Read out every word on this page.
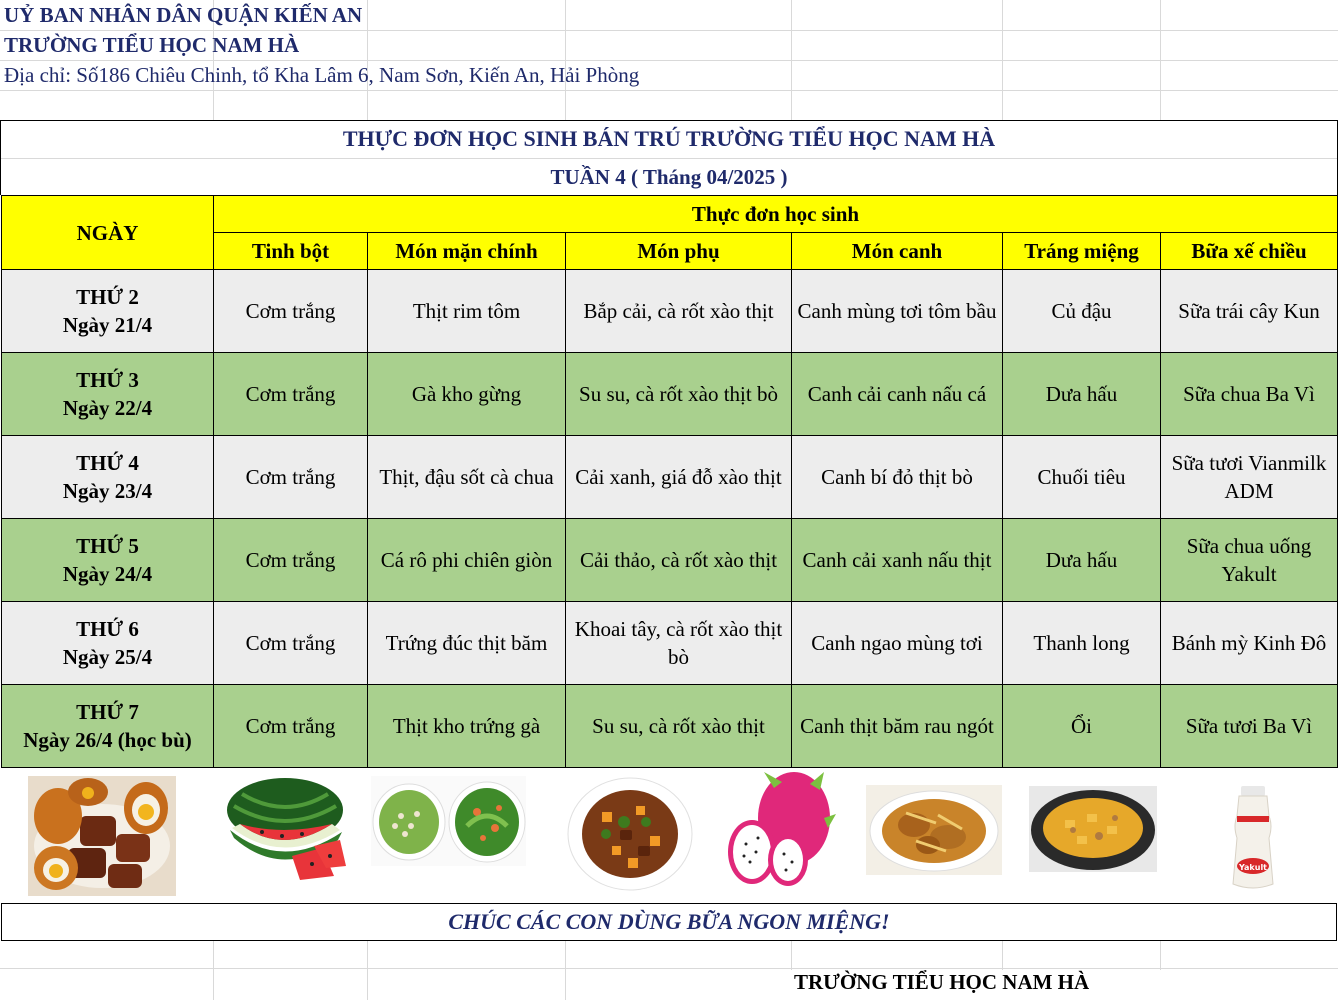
UỶ BAN NHÂN DÂN QUẬN KIẾN AN
TRƯỜNG TIỂU HỌC NAM HÀ
Địa chỉ: Số186 Chiêu Chinh, tổ Kha Lâm 6, Nam Sơn, Kiến An, Hải Phòng
THỰC ĐƠN HỌC SINH BÁN TRÚ TRƯỜNG TIỂU HỌC NAM HÀ
TUẦN 4 ( Tháng 04/2025 )
NGÀY	Thực đơn học sinh					
	Tinh bột	Món mặn chính	Món phụ	Món canh	Tráng miệng	Bữa xế chiều

THỨ 2
Ngày 21/4	Cơm trắng	Thịt rim tôm	Bắp cải, cà rốt xào thịt	Canh mùng tơi tôm bầu	Củ đậu	Sữa trái cây Kun

THỨ 3
Ngày 22/4	Cơm trắng	Gà kho gừng	Su su, cà rốt xào thịt bò	Canh cải canh nấu cá	Dưa hấu	Sữa chua Ba Vì

THỨ 4
Ngày 23/4	Cơm trắng	Thịt, đậu sốt cà chua	Cải xanh, giá đỗ xào thịt	Canh bí đỏ thịt bò	Chuối tiêu	Sữa tươi Vianmilk ADM

THỨ 5
Ngày 24/4	Cơm trắng	Cá rô phi chiên giòn	Cải thảo, cà rốt xào thịt	Canh cải xanh nấu thịt	Dưa hấu	Sữa chua uống Yakult

THỨ 6
Ngày 25/4	Cơm trắng	Trứng đúc thịt băm	Khoai tây, cà rốt xào thịt bò	Canh ngao mùng tơi	Thanh long	Bánh mỳ Kinh Đô

THỨ 7
Ngày 26/4 (học bù)	Cơm trắng	Thịt kho trứng gà	Su su, cà rốt xào thịt	Canh thịt băm rau ngót	Ổi	Sữa tươi Ba Vì
Yakult
CHÚC CÁC CON DÙNG BỮA NGON MIỆNG!
TRƯỜNG TIỂU HỌC NAM HÀ
